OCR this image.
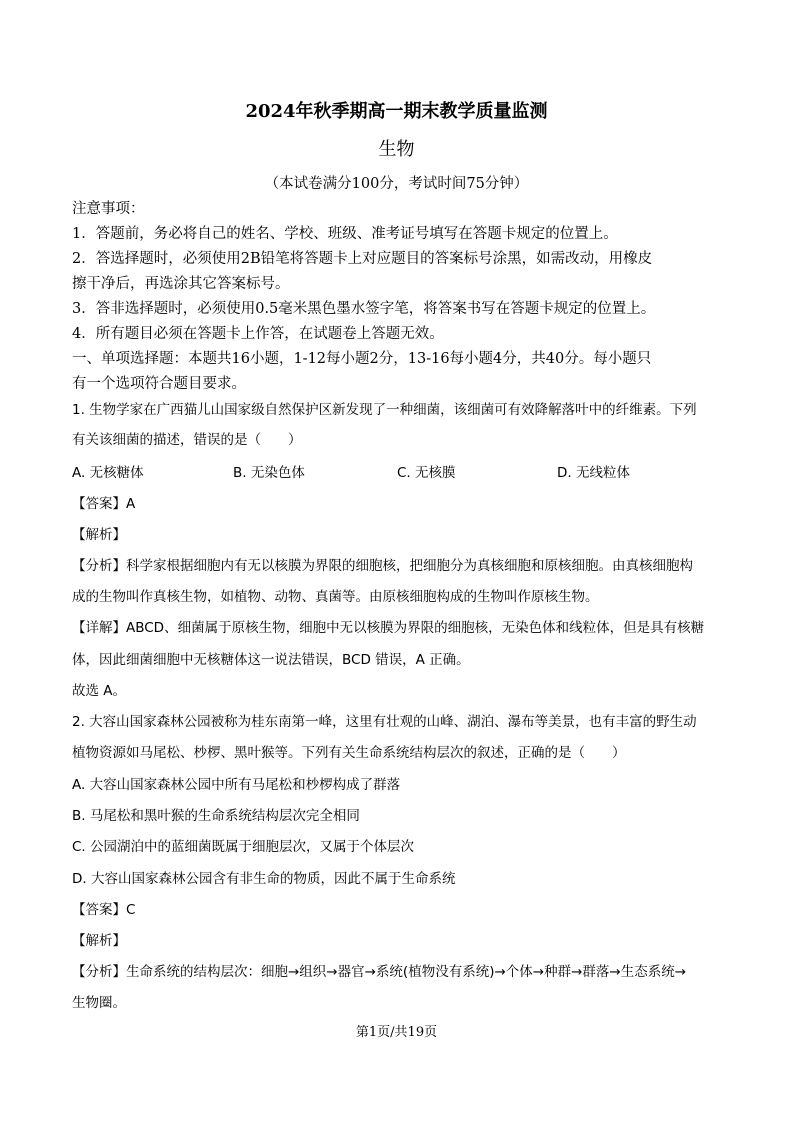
2024年秋季期高一期末教学质量监测
生物
（本试卷满分100分，考试时间75分钟）
注意事项：
1．答题前，务必将自己的姓名、学校、班级、准考证号填写在答题卡规定的位置上。
2．答选择题时，必须使用2B铅笔将答题卡上对应题目的答案标号涂黑，如需改动，用橡皮
擦干净后，再选涂其它答案标号。
3．答非选择题时，必须使用0.5毫米黑色墨水签字笔，将答案书写在答题卡规定的位置上。
4．所有题目必须在答题卡上作答，在试题卷上答题无效。
一、单项选择题：本题共16小题，1-12每小题2分，13-16每小题4分，共40分。每小题只
有一个选项符合题目要求。
1. 生物学家在广西猫儿山国家级自然保护区新发现了一种细菌，该细菌可有效降解落叶中的纤维素。下列
有关该细菌的描述，错误的是（　　）
A. 无核糖体	B. 无染色体	C. 无核膜	D. 无线粒体
【答案】A
【解析】
【分析】科学家根据细胞内有无以核膜为界限的细胞核，把细胞分为真核细胞和原核细胞。由真核细胞构
成的生物叫作真核生物，如植物、动物、真菌等。由原核细胞构成的生物叫作原核生物。
【详解】ABCD、细菌属于原核生物，细胞中无以核膜为界限的细胞核，无染色体和线粒体，但是具有核糖
体，因此细菌细胞中无核糖体这一说法错误，BCD 错误，A 正确。
故选 A。
2. 大容山国家森林公园被称为桂东南第一峰，这里有壮观的山峰、湖泊、瀑布等美景，也有丰富的野生动
植物资源如马尾松、杪椤、黑叶猴等。下列有关生命系统结构层次的叙述，正确的是（　　）
A. 大容山国家森林公园中所有马尾松和杪椤构成了群落
B. 马尾松和黑叶猴的生命系统结构层次完全相同
C. 公园湖泊中的蓝细菌既属于细胞层次，又属于个体层次
D. 大容山国家森林公园含有非生命的物质，因此不属于生命系统
【答案】C
【解析】
【分析】生命系统的结构层次：细胞→组织→器官→系统(植物没有系统)→个体→种群→群落→生态系统→
生物圈。
第1页/共19页
